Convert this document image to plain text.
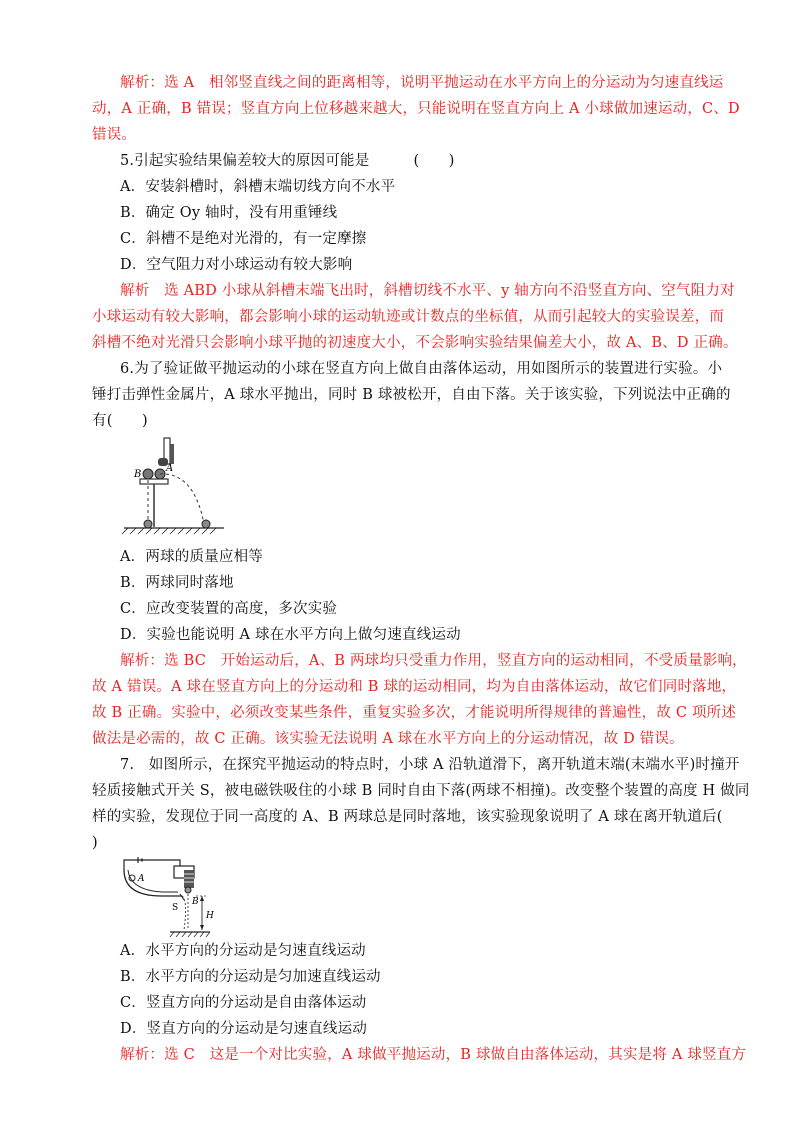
解析：选 A　相邻竖直线之间的距离相等，说明平抛运动在水平方向上的分运动为匀速直线运
动，A 正确，B 错误；竖直方向上位移越来越大，只能说明在竖直方向上 A 小球做加速运动，C、D
错误。
5.引起实验结果偏差较大的原因可能是　　　(　　)
A．安装斜槽时，斜槽末端切线方向不水平
B．确定 Oy 轴时，没有用重锤线
C．斜槽不是绝对光滑的，有一定摩擦
D．空气阻力对小球运动有较大影响
解析　选 ABD 小球从斜槽末端飞出时，斜槽切线不水平、y 轴方向不沿竖直方向、空气阻力对
小球运动有较大影响，都会影响小球的运动轨迹或计数点的坐标值，从而引起较大的实验误差，而
斜槽不绝对光滑只会影响小球平抛的初速度大小，不会影响实验结果偏差大小，故 A、B、D 正确。
6.为了验证做平抛运动的小球在竖直方向上做自由落体运动，用如图所示的装置进行实验。小
锤打击弹性金属片，A 球水平抛出，同时 B 球被松开，自由下落。关于该实验，下列说法中正确的
有(　　)
B
A
A．两球的质量应相等
B．两球同时落地
C．应改变装置的高度，多次实验
D．实验也能说明 A 球在水平方向上做匀速直线运动
解析：选 BC　开始运动后，A、B 两球均只受重力作用，竖直方向的运动相同，不受质量影响，
故 A 错误。A 球在竖直方向上的分运动和 B 球的运动相同，均为自由落体运动，故它们同时落地，
故 B 正确。实验中，必须改变某些条件，重复实验多次，才能说明所得规律的普遍性，故 C 项所述
做法是必需的，故 C 正确。该实验无法说明 A 球在水平方向上的分运动情况，故 D 错误。
7.　如图所示，在探究平抛运动的特点时，小球 A 沿轨道滑下，离开轨道末端(末端水平)时撞开
轻质接触式开关 S，被电磁铁吸住的小球 B 同时自由下落(两球不相撞)。改变整个装置的高度 H 做同
样的实验，发现位于同一高度的 A、B 两球总是同时落地，该实验现象说明了 A 球在离开轨道后(
)
A
S
B
H
A．水平方向的分运动是匀速直线运动
B．水平方向的分运动是匀加速直线运动
C．竖直方向的分运动是自由落体运动
D．竖直方向的分运动是匀速直线运动
解析：选 C　这是一个对比实验，A 球做平抛运动，B 球做自由落体运动，其实是将 A 球竖直方
